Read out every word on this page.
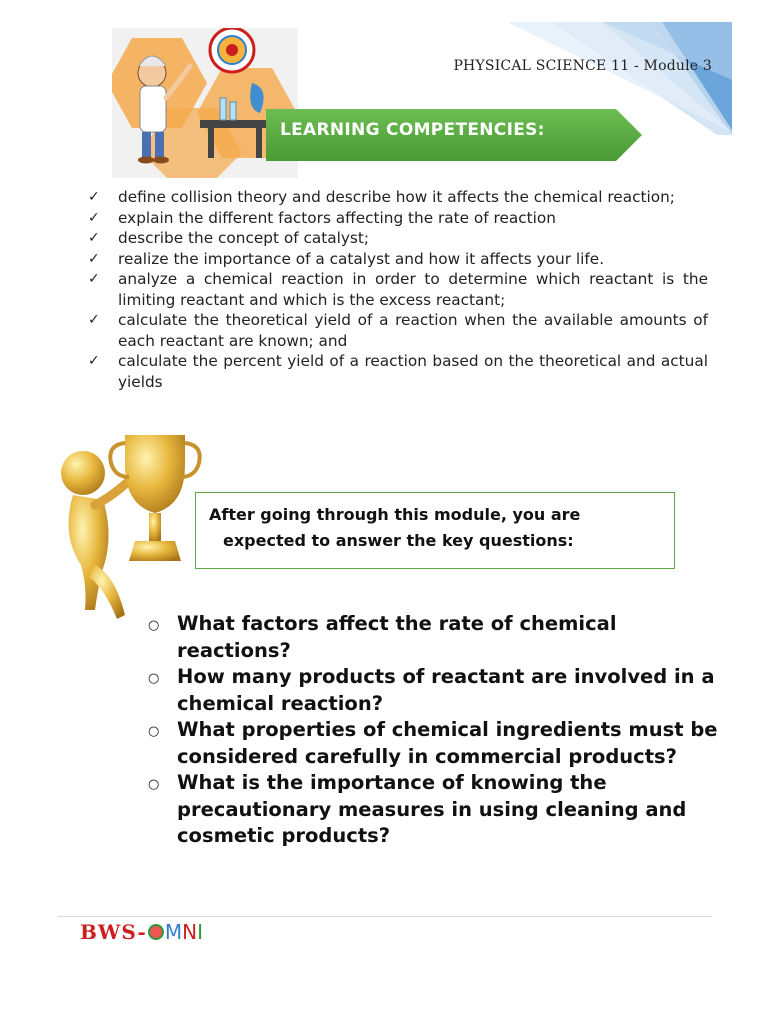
PHYSICAL SCIENCE 11 - Module 3
LEARNING COMPETENCIES:
✓ define collision theory and describe how it affects the chemical reaction;
✓ explain the different factors affecting the rate of reaction
✓ describe the concept of catalyst;
✓ realize the importance of a catalyst and how it affects your life.
✓ analyze a chemical reaction in order to determine which reactant is the limiting reactant and which is the excess reactant;
✓ calculate the theoretical yield of a reaction when the available amounts of each reactant are known; and
✓ calculate the percent yield of a reaction based on the theoretical and actual yields
After going through this module, you are
expected to answer the key questions:
○ What factors affect the rate of chemical reactions?
○ How many products of reactant are involved in a chemical reaction?
○ What properties of chemical ingredients must be considered carefully in commercial products?
○ What is the importance of knowing the precautionary measures in using cleaning and cosmetic products?
BWS- MNI
